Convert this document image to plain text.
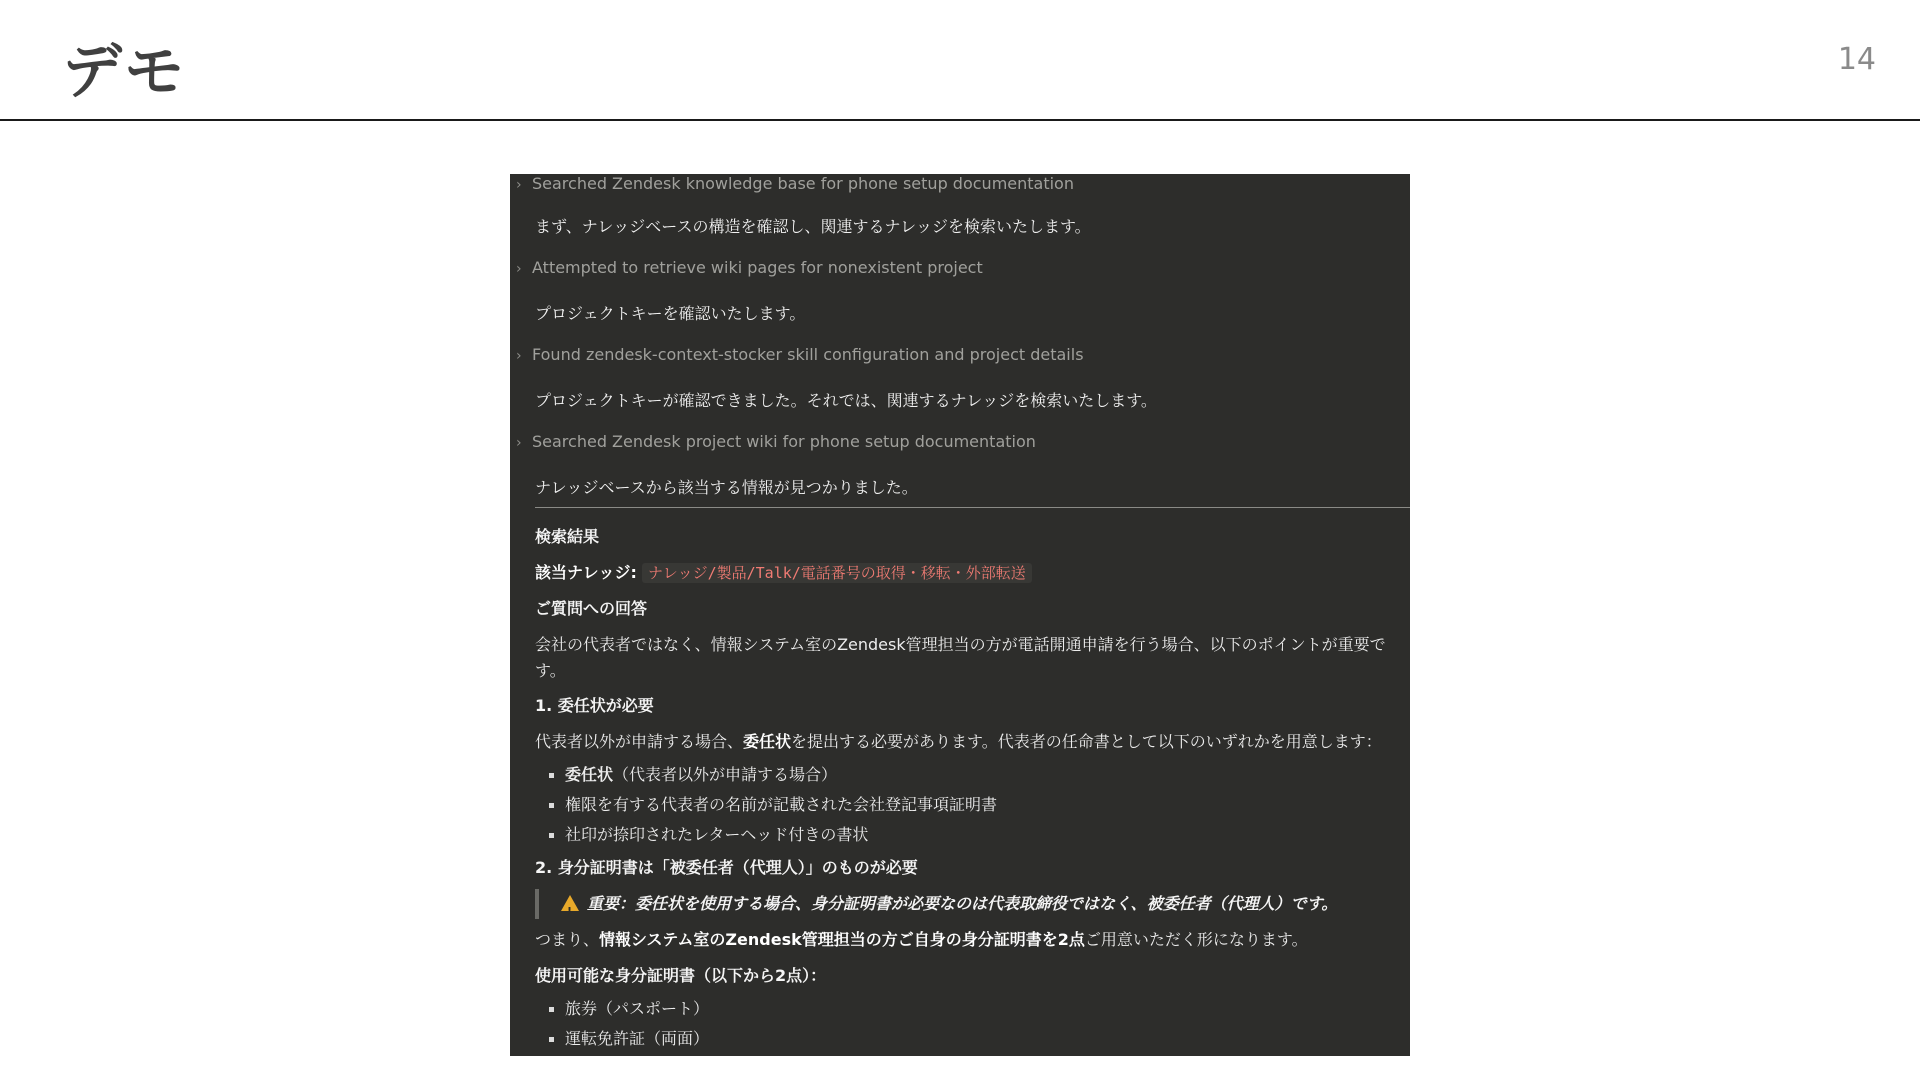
デモ	14
› Searched Zendesk knowledge base for phone setup documentation
まず、ナレッジベースの構造を確認し、関連するナレッジを検索いたします。
› Attempted to retrieve wiki pages for nonexistent project
プロジェクトキーを確認いたします。
› Found zendesk-context-stocker skill configuration and project details
プロジェクトキーが確認できました。それでは、関連するナレッジを検索いたします。
› Searched Zendesk project wiki for phone setup documentation
ナレッジベースから該当する情報が見つかりました。
検索結果
該当ナレッジ: ナレッジ/製品/Talk/電話番号の取得・移転・外部転送
ご質問への回答
会社の代表者ではなく、情報システム室のZendesk管理担当の方が電話開通申請を行う場合、以下のポイントが重要です。
1. 委任状が必要
代表者以外が申請する場合、委任状を提出する必要があります。代表者の任命書として以下のいずれかを用意します：
委任状（代表者以外が申請する場合）
権限を有する代表者の名前が記載された会社登記事項証明書
社印が捺印されたレターヘッド付きの書状
2. 身分証明書は「被委任者（代理人）」のものが必要
!重要：委任状を使用する場合、身分証明書が必要なのは代表取締役ではなく、被委任者（代理人）です。
つまり、情報システム室のZendesk管理担当の方ご自身の身分証明書を2点ご用意いただく形になります。
使用可能な身分証明書（以下から2点）：
旅券（パスポート）
運転免許証（両面）
